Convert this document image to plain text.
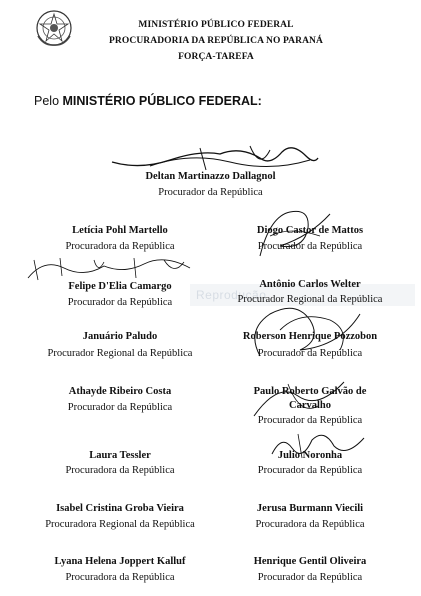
MINISTÉRIO PÚBLICO FEDERAL
PROCURADORIA DA REPÚBLICA NO PARANÁ
FORÇA-TAREFA
Pelo MINISTÉRIO PÚBLICO FEDERAL:
Deltan Martinazzo Dallagnol
Procurador da República
Letícia Pohl Martello
Procuradora da República
Felipe D'Elia Camargo
Procurador da República
Januário Paludo
Procurador Regional da República
Athayde Ribeiro Costa
Procurador da República
Laura Tessler
Procuradora da República
Isabel Cristina Groba Vieira
Procuradora Regional da República
Lyana Helena Joppert Kalluf
Procuradora da República
Reprodução
Diogo Castor de Mattos
Procurador da República
Antônio Carlos Welter
Procurador Regional da República
Roberson Henrique Pozzobon
Procurador da República
Paulo Roberto Galvão de
Carvalho
Procurador da República
Julio Noronha
Procurador da República
Jerusa Burmann Viecili
Procuradora da República
Henrique Gentil Oliveira
Procurador da República
